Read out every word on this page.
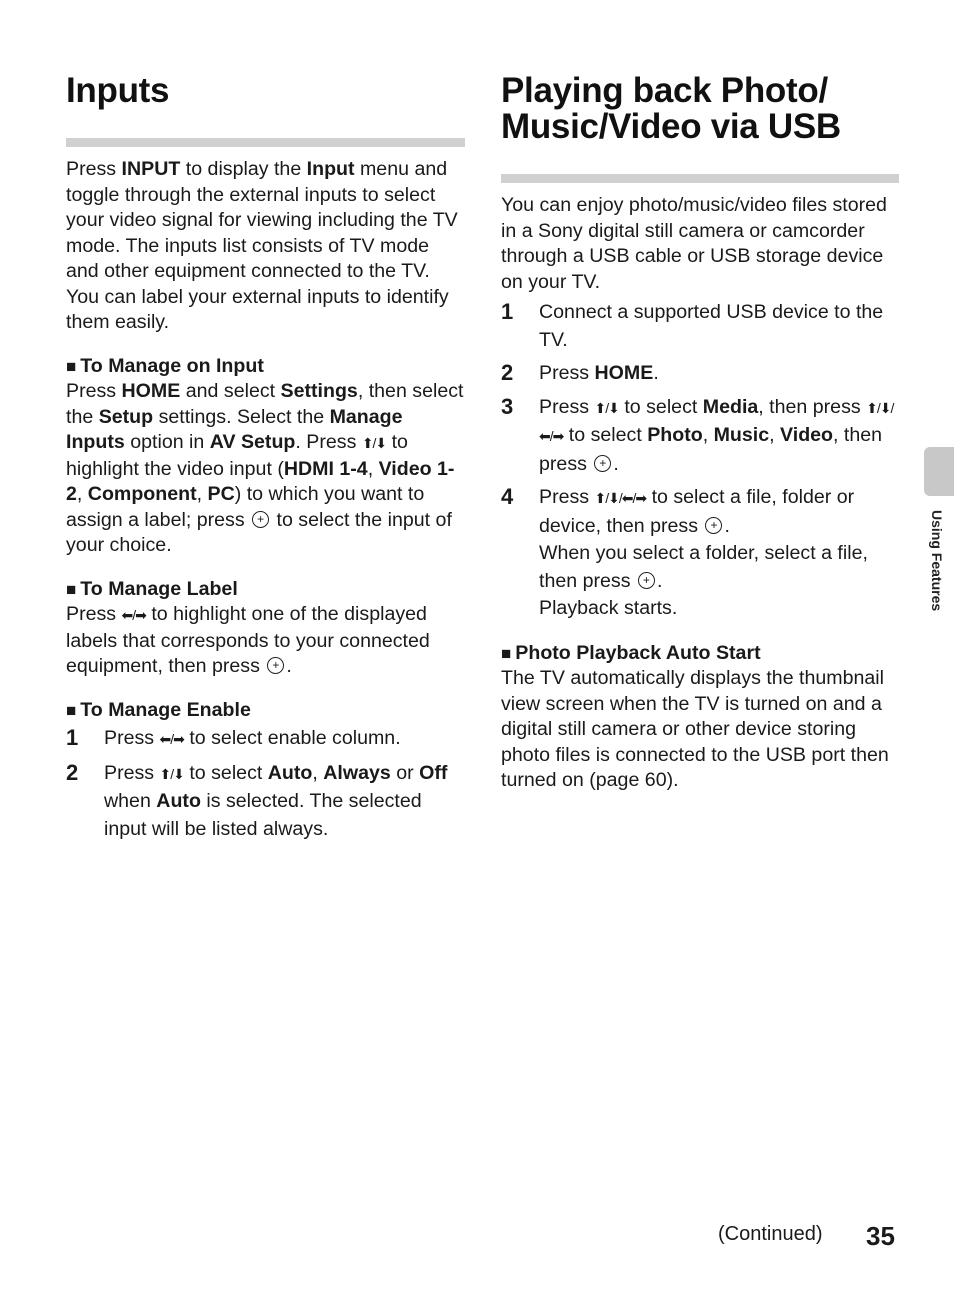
Inputs

Press INPUT to display the Input menu and toggle through the external inputs to select your video signal for viewing including the TV mode. The inputs list consists of TV mode and other equipment connected to the TV.

You can label your external inputs to identify them easily.

■ To Manage on Input

Press HOME and select Settings, then select the Setup settings. Select the Manage Inputs option in AV Setup. Press ⬆/⬇ to highlight the video input (HDMI 1-4, Video 1-2, Component, PC) to which you want to assign a label; press + to select the input of your choice.

■ To Manage Label

Press ⬅/➡ to highlight one of the displayed labels that corresponds to your connected equipment, then press +.

■ To Manage Enable
1 Press ⬅/➡ to select enable column.
2 Press ⬆/⬇ to select Auto, Always or Off when Auto is selected. The selected input will be listed always.
Playing back Photo/
Music/Video via USB

You can enjoy photo/music/video files stored in a Sony digital still camera or camcorder through a USB cable or USB storage device on your TV.

1 Connect a supported USB device to the TV.
2 Press HOME.
3 Press ⬆/⬇ to select Media, then press ⬆/⬇/⬅/➡ to select Photo, Music, Video, then press +.
4 Press ⬆/⬇/⬅/➡ to select a file, folder or device, then press +.
When you select a folder, select a file, then press +.
Playback starts.
■ Photo Playback Auto Start

The TV automatically displays the thumbnail view screen when the TV is turned on and a digital still camera or other device storing photo files is connected to the USB port then turned on (page 60).

Using Features
(Continued) 35
